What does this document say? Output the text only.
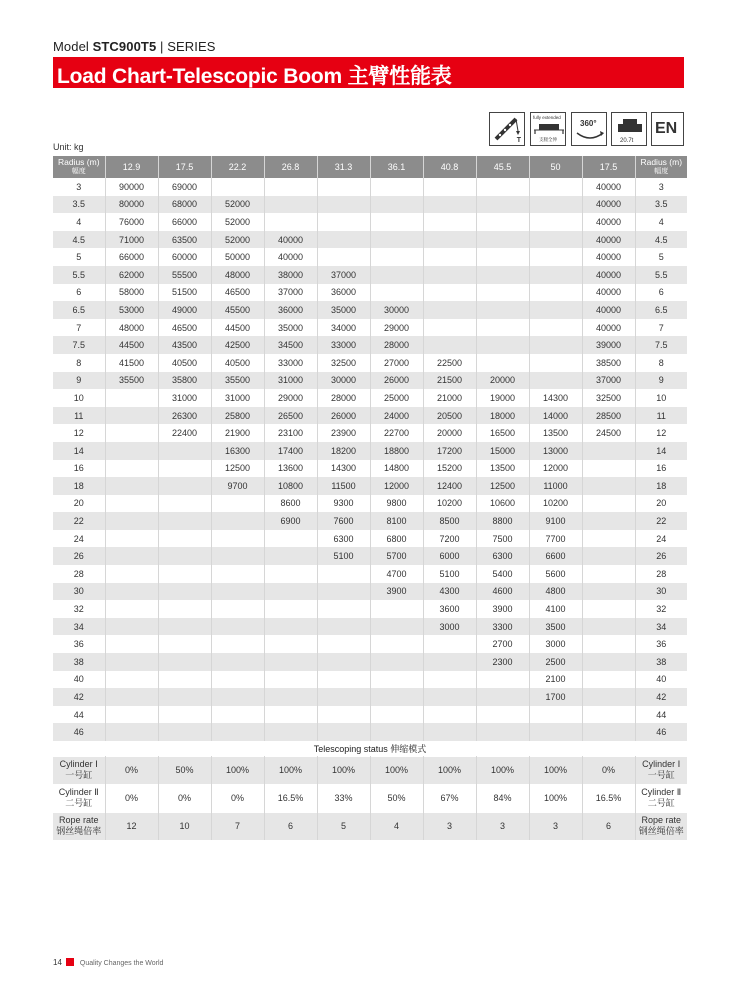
Model STC900T5 | SERIES
Load Chart-Telescopic Boom 主臂性能表
T
fully extended
支腿全伸
360°
20.7t
EN
Unit: kg
Radius (m)
幅度	12.9	17.5	22.2	26.8	31.3	36.1	40.8	45.5	50	17.5	Radius (m)
幅度

3	90000	69000								40000	3
3.5	80000	68000	52000							40000	3.5
4	76000	66000	52000							40000	4
4.5	71000	63500	52000	40000						40000	4.5
5	66000	60000	50000	40000						40000	5
5.5	62000	55500	48000	38000	37000					40000	5.5
6	58000	51500	46500	37000	36000					40000	6
6.5	53000	49000	45500	36000	35000	30000				40000	6.5
7	48000	46500	44500	35000	34000	29000				40000	7
7.5	44500	43500	42500	34500	33000	28000				39000	7.5
8	41500	40500	40500	33000	32500	27000	22500			38500	8
9	35500	35800	35500	31000	30000	26000	21500	20000		37000	9
10		31000	31000	29000	28000	25000	21000	19000	14300	32500	10
11		26300	25800	26500	26000	24000	20500	18000	14000	28500	11
12		22400	21900	23100	23900	22700	20000	16500	13500	24500	12
14			16300	17400	18200	18800	17200	15000	13000		14
16			12500	13600	14300	14800	15200	13500	12000		16
18			9700	10800	11500	12000	12400	12500	11000		18
20				8600	9300	9800	10200	10600	10200		20
22				6900	7600	8100	8500	8800	9100		22
24					6300	6800	7200	7500	7700		24
26					5100	5700	6000	6300	6600		26
28						4700	5100	5400	5600		28
30						3900	4300	4600	4800		30
32							3600	3900	4100		32
34							3000	3300	3500		34
36								2700	3000		36
38								2300	2500		38
40									2100		40
42									1700		42
44											44
46											46
Telescoping status 伸缩模式											

Cylinder Ⅰ
一号缸	0%	50%	100%	100%	100%	100%	100%	100%	100%	0%	Cylinder Ⅰ
一号缸

Cylinder Ⅱ
二号缸	0%	0%	0%	16.5%	33%	50%	67%	84%	100%	16.5%	Cylinder Ⅱ
二号缸

Rope rate
钢丝绳倍率	12	10	7	6	5	4	3	3	3	6	Rope rate
钢丝绳倍率
14	Quality Changes the World
